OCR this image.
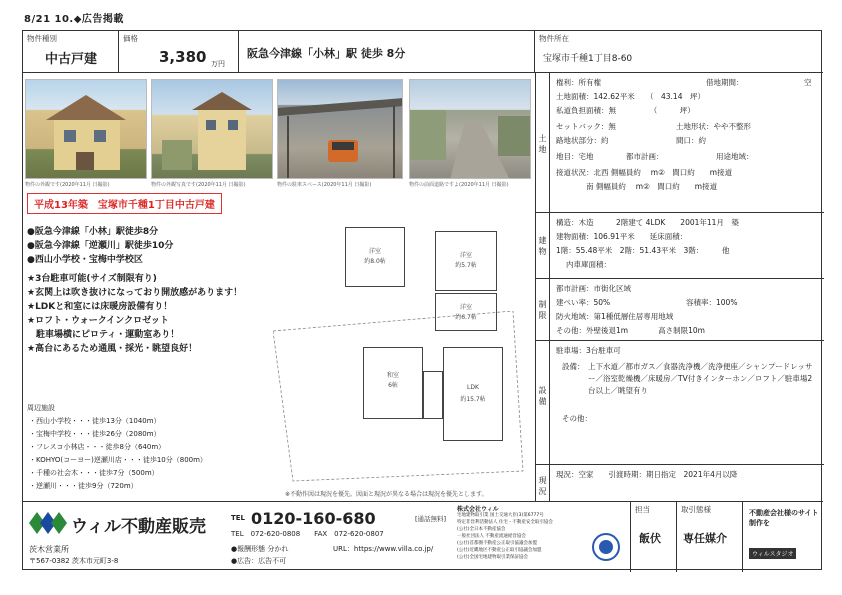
8/21 10.◆広告掲載
物件種別
中古戸建
価格
3,380 万円
阪急今津線「小林」駅 徒歩 8分
物件所在
宝塚市千種1丁目8-60
物件の外観です(2020年11月 日撮影)	物件の外観写真です(2020年11月 日撮影)	物件の駐車スペース(2020年11月 日撮影)	物件の前面道路ですよ(2020年11月 日撮影)
平成13年築　宝塚市千種1丁目中古戸建
●阪急今津線「小林」駅徒歩8分
●阪急今津線「逆瀬川」駅徒歩10分
●西山小学校・宝梅中学校区
★3台駐車可能(サイズ制限有り)
★玄関上は吹き抜けになっており開放感があります！
★LDKと和室には床暖房設備有り！
★ロフト・ウォークインクロゼット
　駐車場横にピロティ・運動室あり！
★高台にあるため通風・採光・眺望良好！
周辺施設
・西山小学校・・・徒歩13分（1040m）
・宝梅中学校・・・徒歩26分（2080m）
・フレスコ小林店・・・徒歩8分（640m）
・KOHYO(コーヨー)逆瀬川店・・・徒歩10分（800m）
・千種の社会木・・・徒歩7分（500m）
・逆瀬川・・・徒歩9分（720m）
洋室
約8.0帖
洋室
約5.7帖
洋室
約6.7帖
和室
6帖	LDK
約15.7帖
※不動作図は現況を優先。図面と現況が異なる場合は現況を優先とします。
土地
権利：所有権	借地期間：	空
土地面積：142.62平米　　（　43.14　坪）
私道負担面積：無　　　　　（　　　坪）
セットバック：無	土地形状：やや不整形
路地状部分：約	間口：約
地目：宅地	都市計画：	用途地域：
接道状況：北西 側幅員約 　m②　間口約　　m接道
　　　　南 側幅員約 　m②　間口約　　m接道
建物
構造：木造　　　2階建て 4LDK　　2001年11月　築
建物面積：106.91平米　　延床面積：
1階：55.48平米　2階：51.43平米　3階：　　　他
内車庫面積：
制限
都市計画：市街化区域
建ぺい率：50%	容積率：100%
防火地域：第1種低層住居専用地域
その他：外壁後退1m　　　　高さ制限10m
設備
駐車場：3台駐車可
設備： 上下水道／都市ガス／食器洗浄機／洗浄便座／シャンプードレッサー／浴室乾燥機／床暖房／TV付きインターホン／ロフト／駐車場2台以上／眺望有り
その他：
現況
現況：空家　　引渡時期：期日指定　2021年4月以降
ウィル不動産販売	TEL 0120-160-680	[通話無料]
TEL　072-620-0808　　FAX　072-620-0807
茨木営業所
〒567-0382 茨木市元町3-8
●報酬形態 分かれ
●広告：広告不可
URL：https://www.villa.co.jp/
株式会社ウィル
宅地建物取引業 国土交通大臣(3)第6777号
特定非営利活動法人 住宅・不動産安全取引協会
(公社)全日本不動産協会
一般社団法人 不動産流通経営協会
(公社)首都圏不動産公正取引協議会加盟
(公社)近畿地区不動産公正取引協議会加盟
(公社)全国宅地建物取引業保証協会
担当
飯伏
取引態様
専任媒介
不動産会社様のサイト制作を
ウィルスタジオ
